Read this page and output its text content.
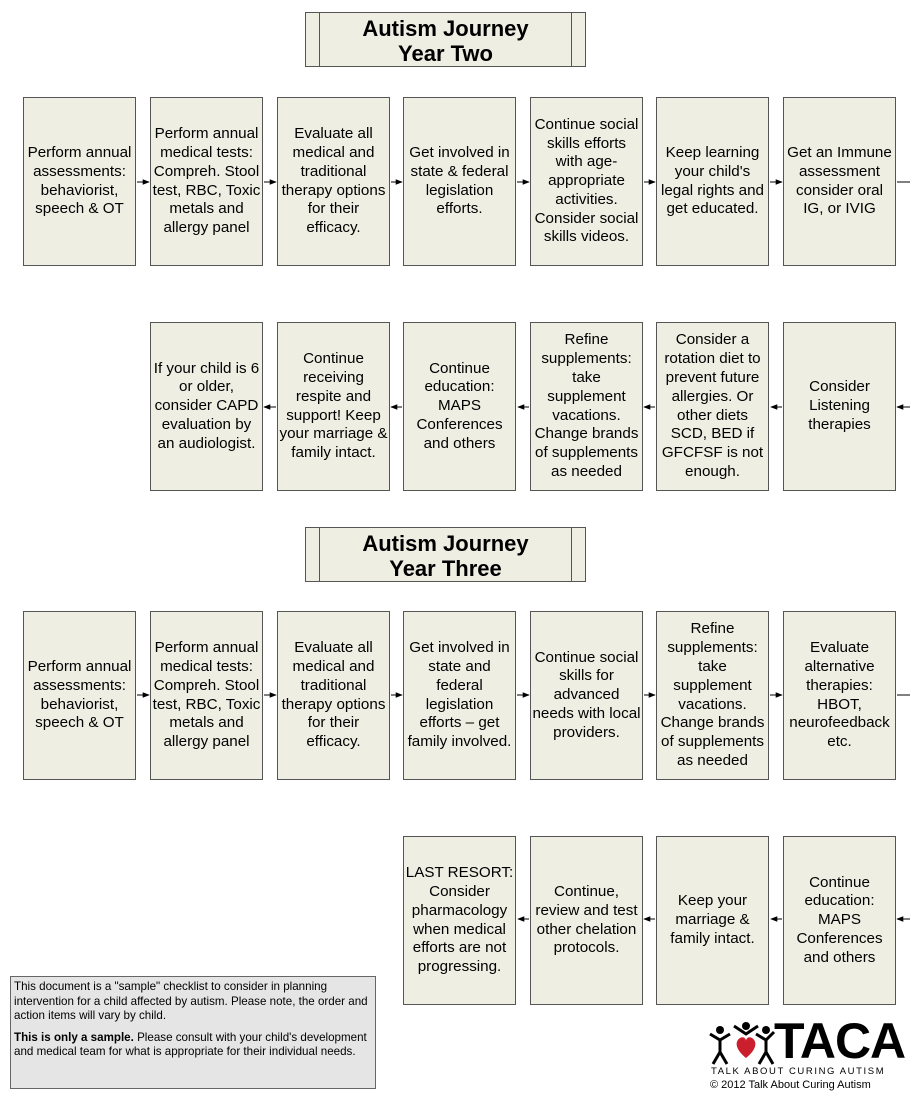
Autism Journey
Year Two
Perform annual assessments: behaviorist, speech & OT
Perform annual medical tests: Compreh. Stool test, RBC, Toxic metals and allergy panel
Evaluate all medical and traditional therapy options for their efficacy.
Get involved in state & federal legislation efforts.
Continue social skills efforts with age-appropriate activities. Consider social skills videos.
Keep learning your child's legal rights and get educated.
Get an Immune assessment consider oral IG, or IVIG
If your child is 6 or older, consider CAPD evaluation by an audiologist.
Continue receiving respite and support! Keep your marriage & family intact.
Continue education: MAPS Conferences and others
Refine supplements: take supplement vacations. Change brands of supplements as needed
Consider a rotation diet to prevent future allergies. Or other diets SCD, BED if GFCFSF is not enough.
Consider Listening therapies
Autism Journey
Year Three
Perform annual assessments: behaviorist, speech & OT
Perform annual medical tests: Compreh. Stool test, RBC, Toxic metals and allergy panel
Evaluate all medical and traditional therapy options for their efficacy.
Get involved in state and federal legislation efforts – get family involved.
Continue social skills for advanced needs with local providers.
Refine supplements: take supplement vacations. Change brands of supplements as needed
Evaluate alternative therapies: HBOT, neurofeedback etc.
LAST RESORT: Consider pharmacology when medical efforts are not progressing.
Continue, review and test other chelation protocols.
Keep your marriage & family intact.
Continue education: MAPS Conferences and others

This document is a "sample" checklist to consider in planning intervention for a child affected by autism. Please note, the order and action items will vary by child.

This is only a sample. Please consult with your child's development and medical team for what is appropriate for their individual needs.	TACA
TALK ABOUT CURING AUTISM
© 2012 Talk About Curing Autism
